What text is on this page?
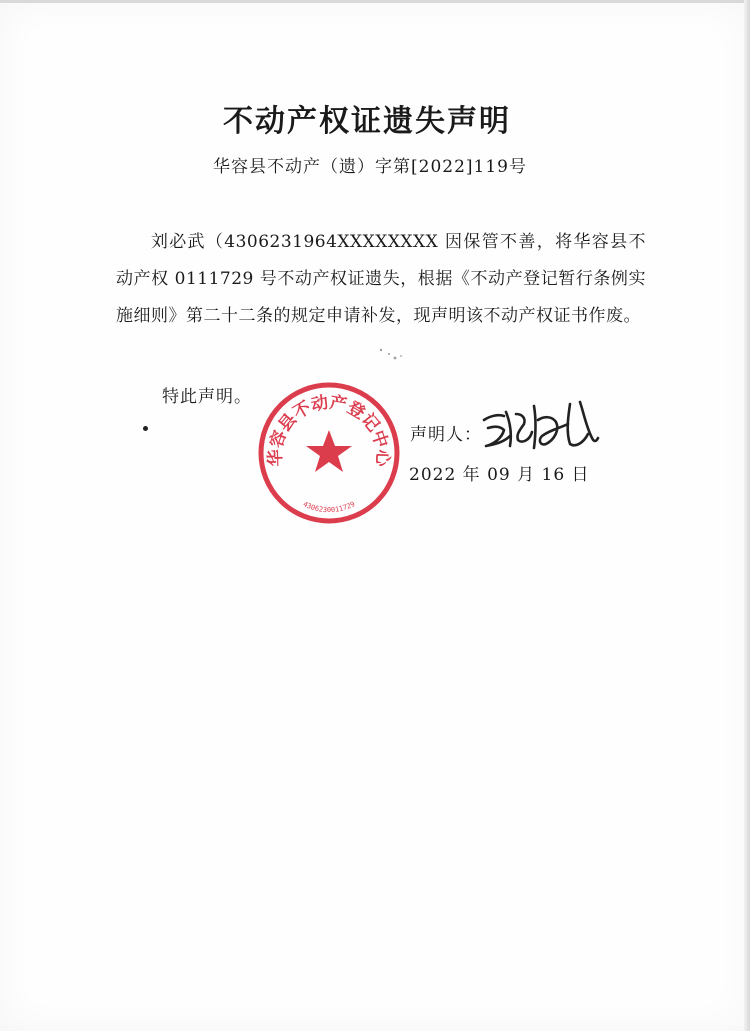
不动产权证遗失声明
华容县不动产（遗）字第[2022]119号
刘必武（4306231964XXXXXXXX 因保管不善，将华容县不动产权 0111729 号不动产权证遗失，根据《不动产登记暂行条例实施细则》第二十二条的规定申请补发，现声明该不动产权证书作废。
特此声明。
华容县不动产登记中心
4306230011729
声明人：
2022 年 09 月 16 日
